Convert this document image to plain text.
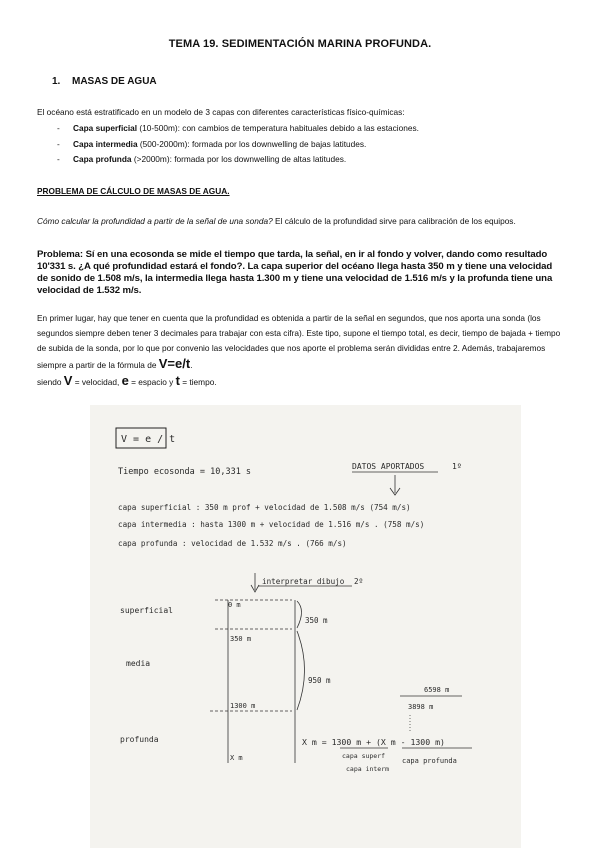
TEMA 19. SEDIMENTACIÓN MARINA PROFUNDA.
1. MASAS DE AGUA
El océano está estratificado en un modelo de 3 capas con diferentes características físico-químicas:
- Capa superficial (10-500m): con cambios de temperatura habituales debido a las estaciones.
- Capa intermedia (500-2000m): formada por los downwelling de bajas latitudes.
- Capa profunda (>2000m): formada por los downwelling de altas latitudes.
PROBLEMA DE CÁLCULO DE MASAS DE AGUA.
Cómo calcular la profundidad a partir de la señal de una sonda? El cálculo de la profundidad sirve para calibración de los equipos.
Problema: Sí en una ecosonda se mide el tiempo que tarda, la señal, en ir al fondo y volver, dando como resultado 10'331 s. ¿A qué profundidad estará el fondo?. La capa superior del océano llega hasta 350 m y tiene una velocidad de sonido de 1.508 m/s, la intermedia llega hasta 1.300 m y tiene una velocidad de 1.516 m/s y la profunda tiene una velocidad de 1.532 m/s.
En primer lugar, hay que tener en cuenta que la profundidad es obtenida a partir de la señal en segundos, que nos aporta una sonda (los segundos siempre deben tener 3 decimales para trabajar con esta cifra). Este tipo, supone el tiempo total, es decir, tiempo de bajada + tiempo de subida de la sonda, por lo que por convenio las velocidades que nos aporte el problema serán divididas entre 2. Además, trabajaremos siempre a partir de la fórmula de V=e/t.
siendo V = velocidad, e = espacio y t = tiempo.
V = e / t
Tiempo ecosonda = 10,331 s
DATOS APORTADOS	1º
capa superficial : 350 m prof + velocidad de 1.508 m/s (754 m/s)
capa intermedia : hasta 1300 m + velocidad de 1.516 m/s . (758 m/s)
capa profunda : velocidad de 1.532 m/s . (766 m/s)
interpretar dibujo 2º
superficial
media
profunda
0 m
350 m
1300 m
X m
350 m
950 m
X m = 1300 m + (X m - 1300 m)
capa superf
capa interm
capa profunda
6598 m
3898 m
